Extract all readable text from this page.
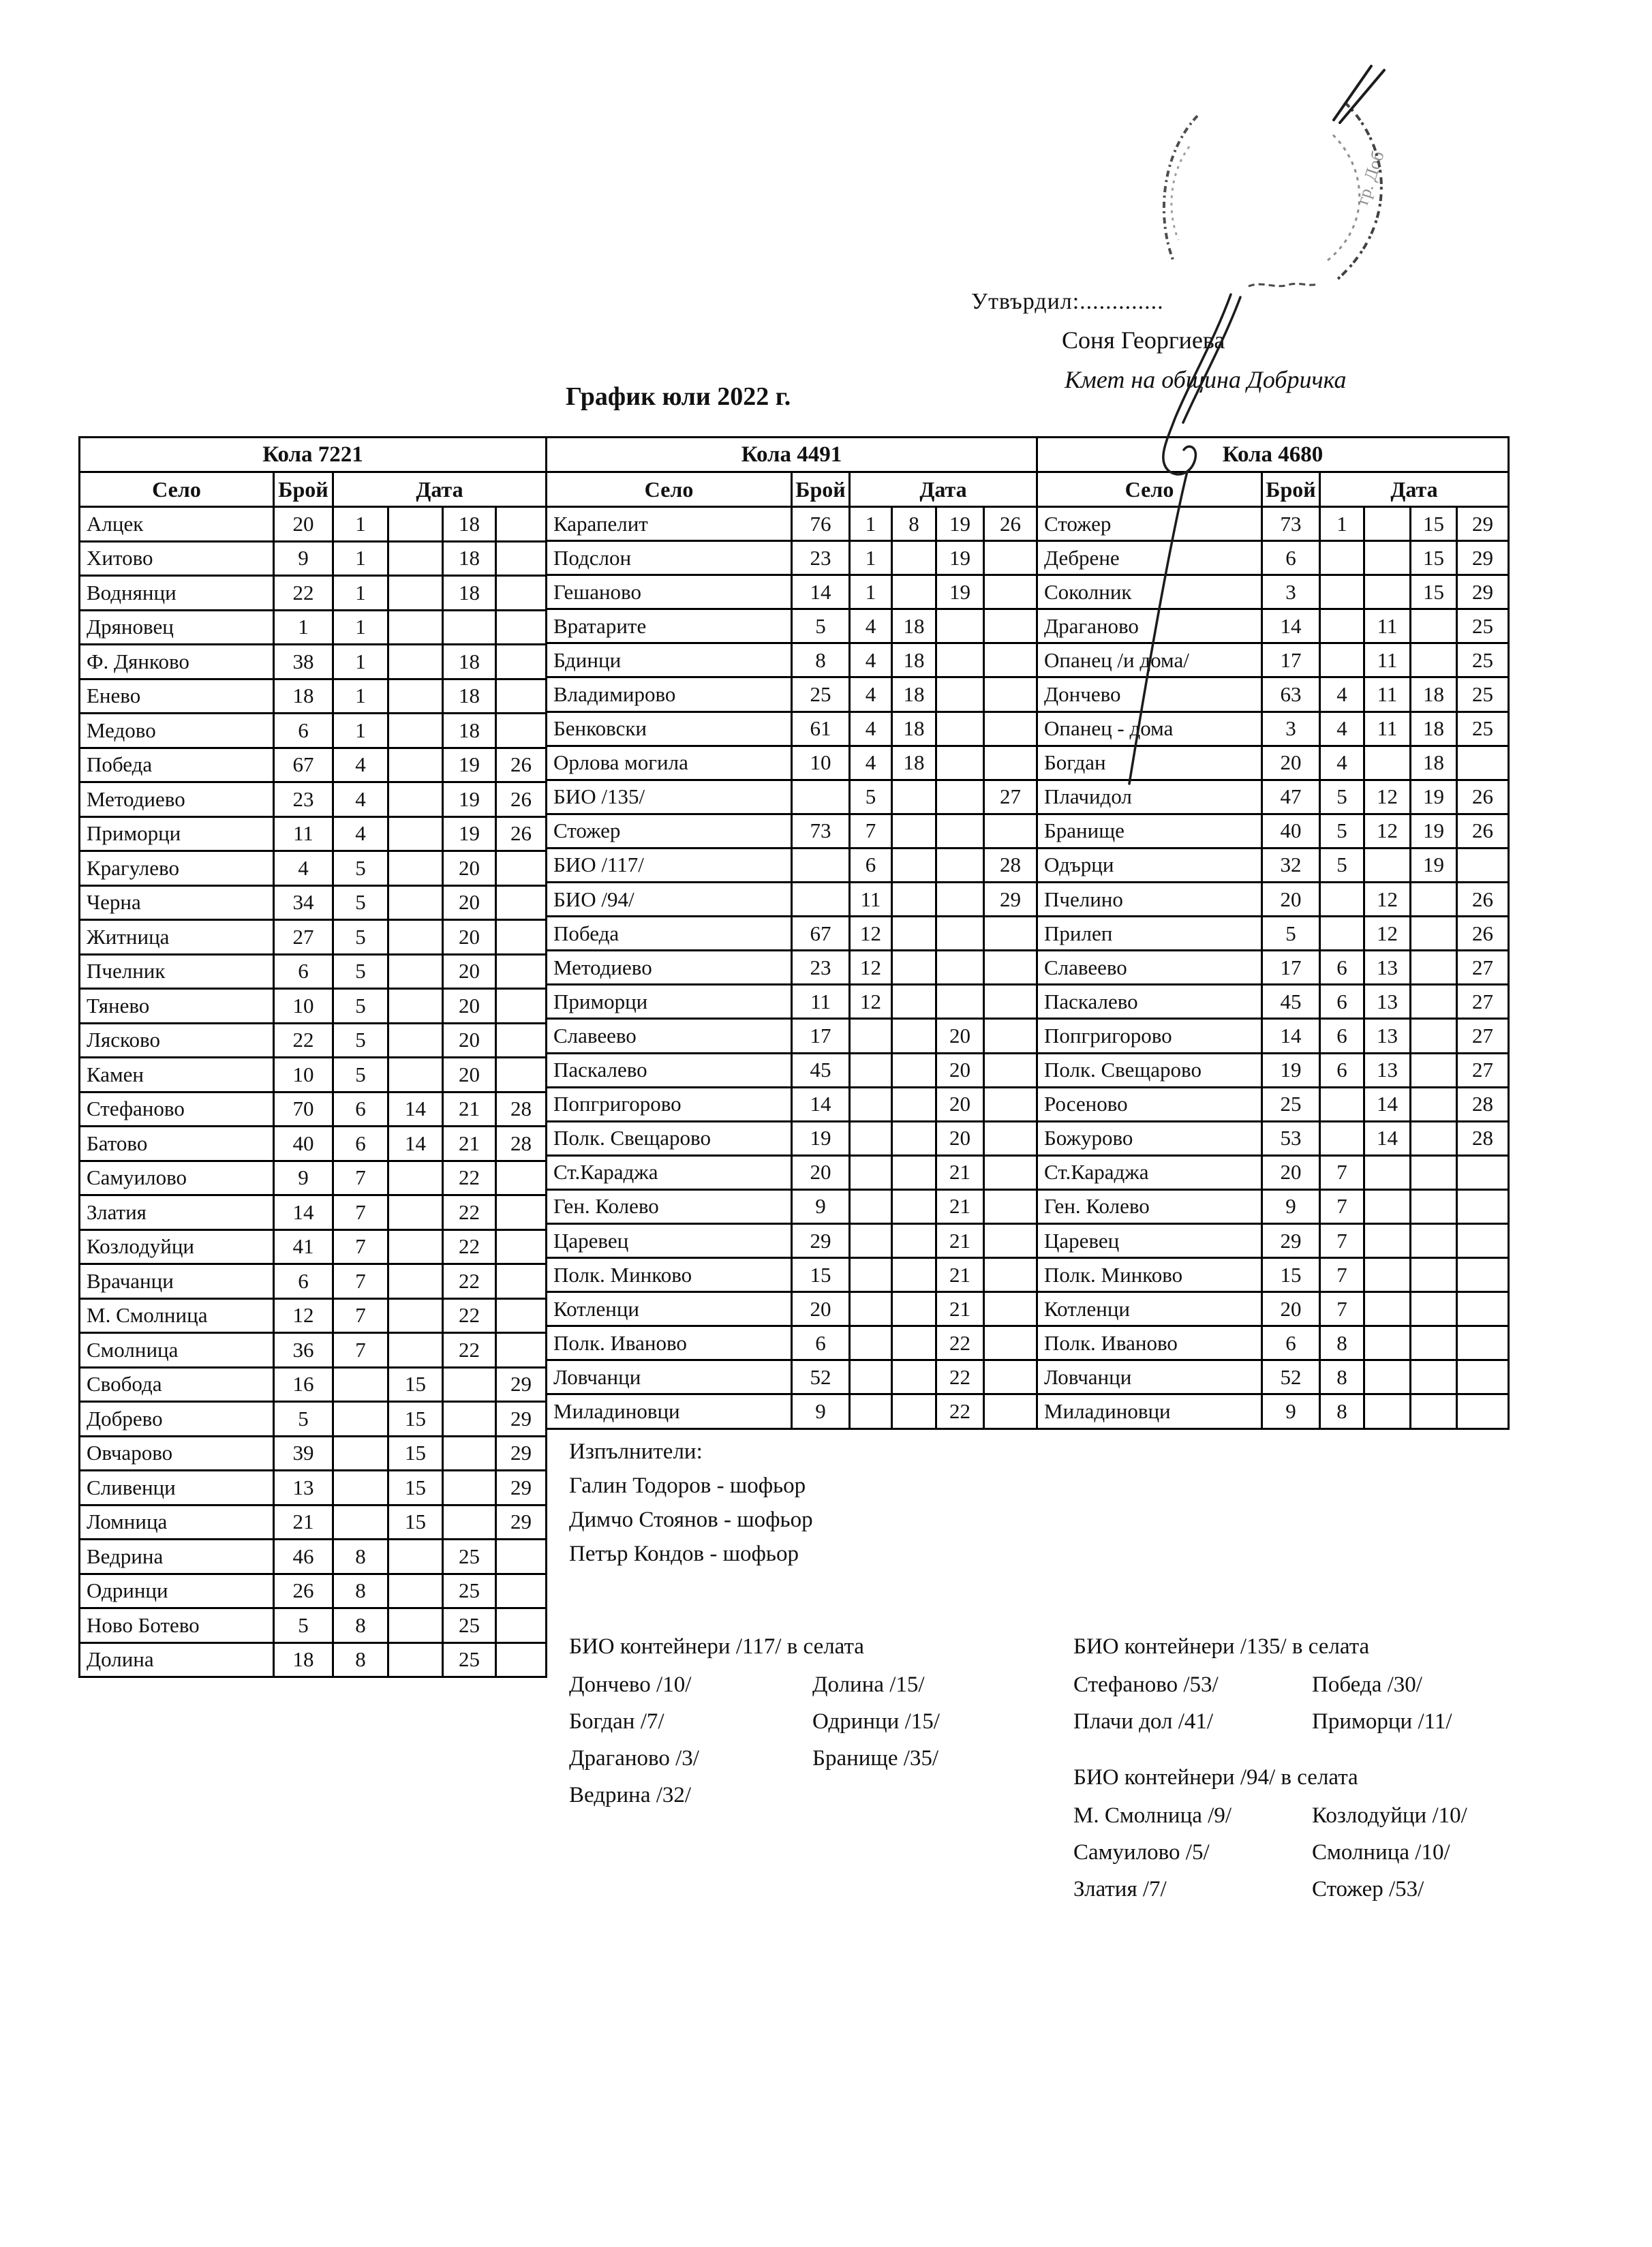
Утвърдил:.............
Соня Георгиева
Кмет на община Добричка
График юли 2022 г.
Кола 7221					
Село	Брой	Дата			
Алцек	20	1		18	
Хитово	9	1		18	
Воднянци	22	1		18	
Дряновец	1	1			
Ф. Дянково	38	1		18	
Енево	18	1		18	
Медово	6	1		18	
Победа	67	4		19	26
Методиево	23	4		19	26
Приморци	11	4		19	26
Крагулево	4	5		20	
Черна	34	5		20	
Житница	27	5		20	
Пчелник	6	5		20	
Тянево	10	5		20	
Лясково	22	5		20	
Камен	10	5		20	
Стефаново	70	6	14	21	28
Батово	40	6	14	21	28
Самуилово	9	7		22	
Златия	14	7		22	
Козлодуйци	41	7		22	
Врачанци	6	7		22	
М. Смолница	12	7		22	
Смолница	36	7		22	
Свобода	16		15		29
Добрево	5		15		29
Овчарово	39		15		29
Сливенци	13		15		29
Ломница	21		15		29
Ведрина	46	8		25	
Одринци	26	8		25	
Ново Ботево	5	8		25	
Долина	18	8		25	
Кола 4491					
Село	Брой	Дата			
Карапелит	76	1	8	19	26
Подслон	23	1		19	
Гешаново	14	1		19	
Вратарите	5	4	18		
Бдинци	8	4	18		
Владимирово	25	4	18		
Бенковски	61	4	18		
Орлова могила	10	4	18		
БИО /135/		5			27
Стожер	73	7			
БИО /117/		6			28
БИО /94/		11			29
Победа	67	12			
Методиево	23	12			
Приморци	11	12			
Славеево	17			20	
Паскалево	45			20	
Попгригорово	14			20	
Полк. Свещарово	19			20	
Ст.Караджа	20			21	
Ген. Колево	9			21	
Царевец	29			21	
Полк. Минково	15			21	
Котленци	20			21	
Полк. Иваново	6			22	
Ловчанци	52			22	
Миладиновци	9			22	
Кола 4680					
Село	Брой	Дата			
Стожер	73	1		15	29
Дебрене	6			15	29
Соколник	3			15	29
Драганово	14		11		25
Опанец /и дома/	17		11		25
Дончево	63	4	11	18	25
Опанец - дома	3	4	11	18	25
Богдан	20	4		18	
Плачидол	47	5	12	19	26
Бранище	40	5	12	19	26
Одърци	32	5		19	
Пчелино	20		12		26
Прилеп	5		12		26
Славеево	17	6	13		27
Паскалево	45	6	13		27
Попгригорово	14	6	13		27
Полк. Свещарово	19	6	13		27
Росеново	25		14		28
Божурово	53		14		28
Ст.Караджа	20	7			
Ген. Колево	9	7			
Царевец	29	7			
Полк. Минково	15	7			
Котленци	20	7			
Полк. Иваново	6	8			
Ловчанци	52	8			
Миладиновци	9	8			
Изпълнители:
Галин Тодоров - шофьор
Димчо Стоянов - шофьор
Петър Кондов - шофьор
БИО контейнери /117/ в селата
Дончево /10/	Долина /15/
Богдан /7/	Одринци /15/
Драганово /3/	Бранище /35/
Ведрина /32/
БИО контейнери /135/ в селата
Стефаново /53/	Победа /30/
Плачи дол /41/	Приморци /11/
БИО контейнери /94/ в селата
М. Смолница /9/	Козлодуйци /10/
Самуилово /5/	Смолница /10/
Златия /7/	Стожер /53/
гр. Доб
